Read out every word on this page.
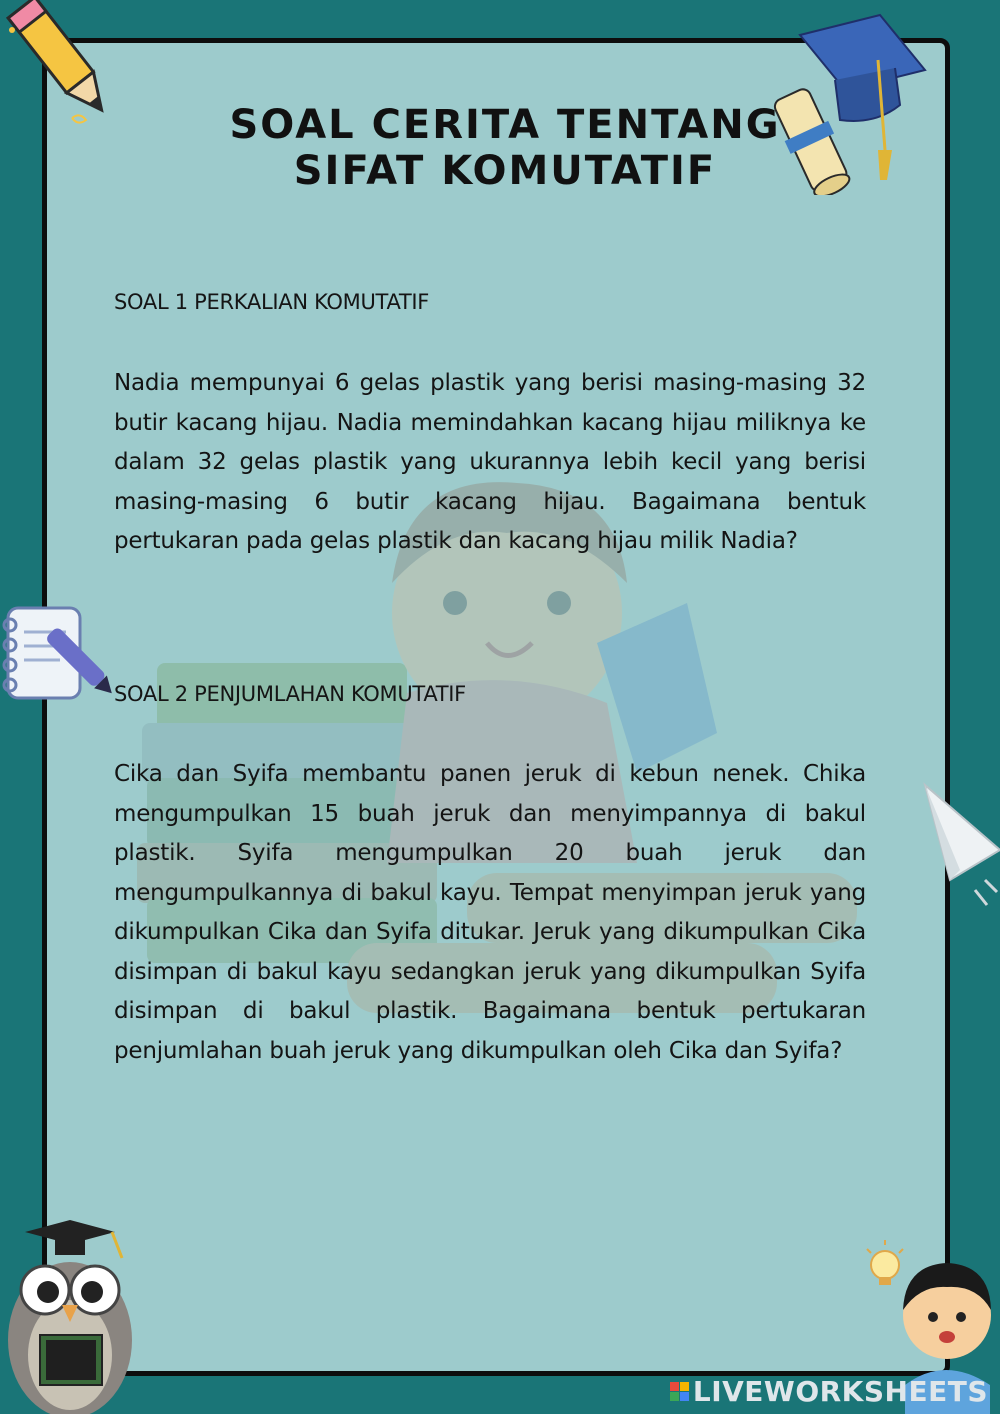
SOAL CERITA TENTANG
SIFAT KOMUTATIF
SOAL 1 PERKALIAN KOMUTATIF
Nadia mempunyai 6 gelas plastik yang berisi masing-masing 32 butir kacang hijau. Nadia memindahkan kacang hijau miliknya ke dalam 32 gelas plastik yang ukurannya lebih kecil yang berisi masing-masing 6 butir kacang hijau. Bagaimana bentuk pertukaran pada gelas plastik dan kacang hijau milik Nadia?
SOAL 2 PENJUMLAHAN KOMUTATIF
Cika dan Syifa membantu panen jeruk di kebun nenek. Chika mengumpulkan 15 buah jeruk dan menyimpannya di bakul plastik. Syifa mengumpulkan 20 buah jeruk dan mengumpulkannya di bakul kayu. Tempat menyimpan jeruk yang dikumpulkan Cika dan Syifa ditukar. Jeruk yang dikumpulkan Cika disimpan di bakul kayu sedangkan jeruk yang dikumpulkan Syifa disimpan di bakul plastik. Bagaimana bentuk pertukaran penjumlahan buah jeruk yang dikumpulkan oleh Cika dan Syifa?
LIVEWORKSHEETS
